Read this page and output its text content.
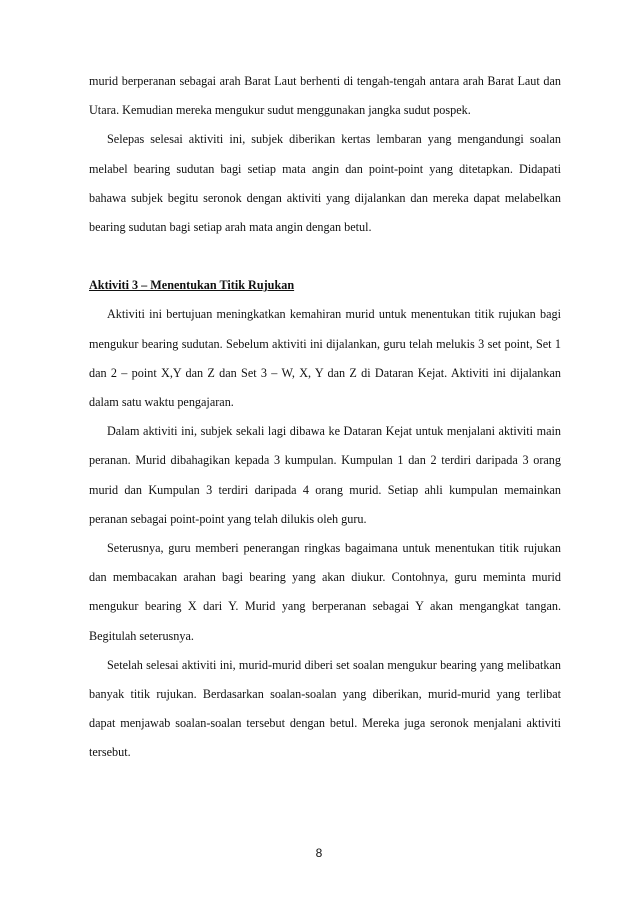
murid berperanan sebagai arah Barat Laut berhenti di tengah-tengah antara arah Barat Laut dan Utara. Kemudian mereka mengukur sudut menggunakan jangka sudut pospek.

Selepas selesai aktiviti ini, subjek diberikan kertas lembaran yang mengandungi soalan melabel bearing sudutan bagi setiap mata angin dan point-point yang ditetapkan. Didapati bahawa subjek begitu seronok dengan aktiviti yang dijalankan dan mereka dapat melabelkan bearing sudutan bagi setiap arah mata angin dengan betul.

Aktiviti 3 – Menentukan Titik Rujukan

Aktiviti ini bertujuan meningkatkan kemahiran murid untuk menentukan titik rujukan bagi mengukur bearing sudutan. Sebelum aktiviti ini dijalankan, guru telah melukis 3 set point, Set 1 dan 2 – point X,Y dan Z dan Set 3 – W, X, Y dan Z di Dataran Kejat. Aktiviti ini dijalankan dalam satu waktu pengajaran.

Dalam aktiviti ini, subjek sekali lagi dibawa ke Dataran Kejat untuk menjalani aktiviti main peranan. Murid dibahagikan kepada 3 kumpulan. Kumpulan 1 dan 2 terdiri daripada 3 orang murid dan Kumpulan 3 terdiri daripada 4 orang murid. Setiap ahli kumpulan memainkan peranan sebagai point-point yang telah dilukis oleh guru.

Seterusnya, guru memberi penerangan ringkas bagaimana untuk menentukan titik rujukan dan membacakan arahan bagi bearing yang akan diukur. Contohnya, guru meminta murid mengukur bearing X dari Y. Murid yang berperanan sebagai Y akan mengangkat tangan. Begitulah seterusnya.

Setelah selesai aktiviti ini, murid-murid diberi set soalan mengukur bearing yang melibatkan banyak titik rujukan. Berdasarkan soalan-soalan yang diberikan, murid-murid yang terlibat dapat menjawab soalan-soalan tersebut dengan betul. Mereka juga seronok menjalani aktiviti tersebut.

8
